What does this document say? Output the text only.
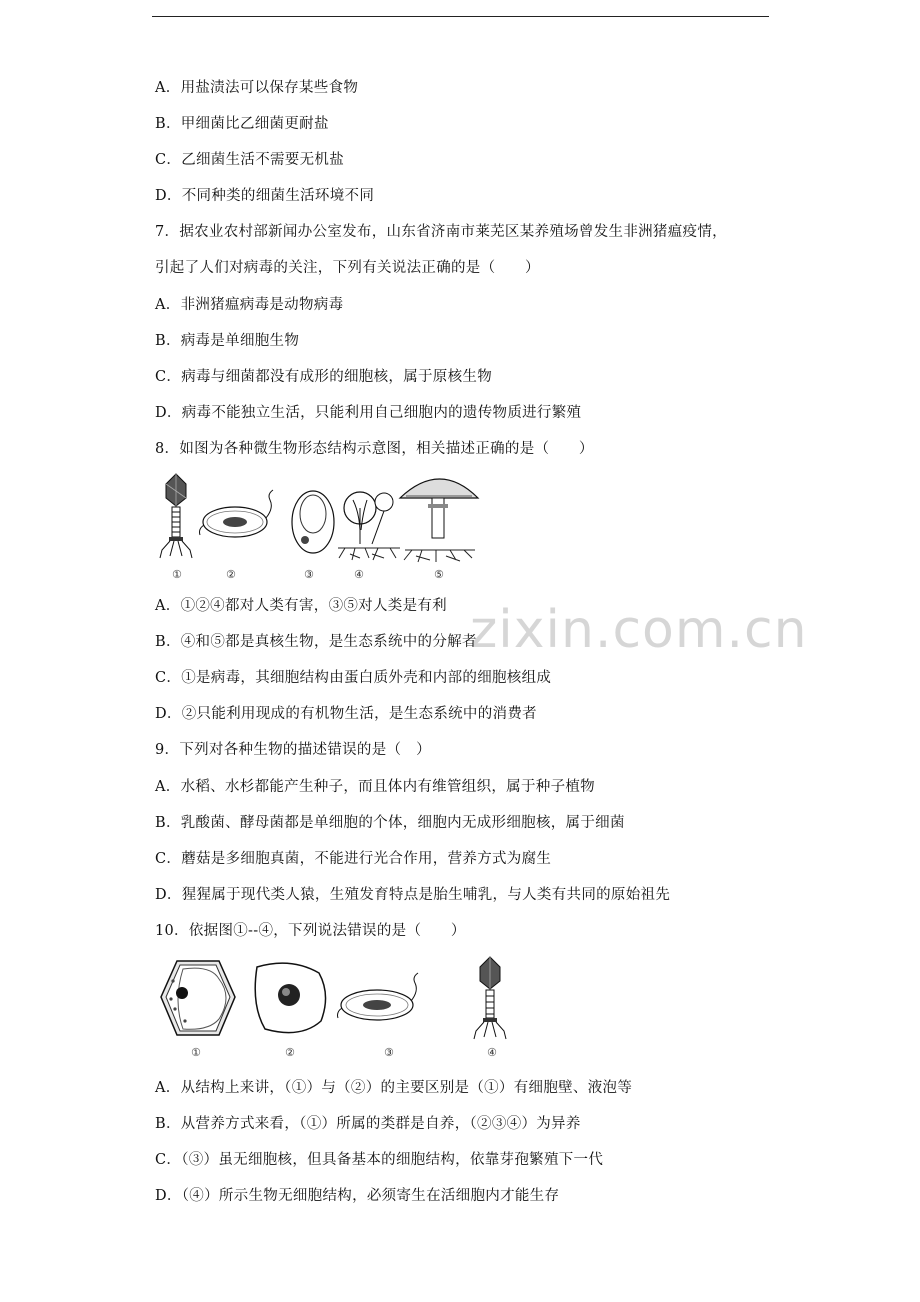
zixin.com.cn
A．用盐渍法可以保存某些食物
B．甲细菌比乙细菌更耐盐
C．乙细菌生活不需要无机盐
D．不同种类的细菌生活环境不同
7．据农业农村部新闻办公室发布，山东省济南市莱芜区某养殖场曾发生非洲猪瘟疫情，
引起了人们对病毒的关注，下列有关说法正确的是（　　）
A．非洲猪瘟病毒是动物病毒
B．病毒是单细胞生物
C．病毒与细菌都没有成形的细胞核，属于原核生物
D．病毒不能独立生活，只能利用自己细胞内的遗传物质进行繁殖
8．如图为各种微生物形态结构示意图，相关描述正确的是（　　）
①	②	③	④	⑤
A．①②④都对人类有害，③⑤对人类是有利
B．④和⑤都是真核生物，是生态系统中的分解者
C．①是病毒，其细胞结构由蛋白质外壳和内部的细胞核组成
D．②只能利用现成的有机物生活，是生态系统中的消费者
9．下列对各种生物的描述错误的是（　）
A．水稻、水杉都能产生种子，而且体内有维管组织，属于种子植物
B．乳酸菌、酵母菌都是单细胞的个体，细胞内无成形细胞核，属于细菌
C．蘑菇是多细胞真菌，不能进行光合作用，营养方式为腐生
D．猩猩属于现代类人猿，生殖发育特点是胎生哺乳，与人类有共同的原始祖先
10．依据图①--④，下列说法错误的是（　　）
①	②	③	④
A．从结构上来讲，（①）与（②）的主要区别是（①）有细胞壁、液泡等
B．从营养方式来看，（①）所属的类群是自养，（②③④）为异养
C．（③）虽无细胞核，但具备基本的细胞结构，依靠芽孢繁殖下一代
D．（④）所示生物无细胞结构，必须寄生在活细胞内才能生存
